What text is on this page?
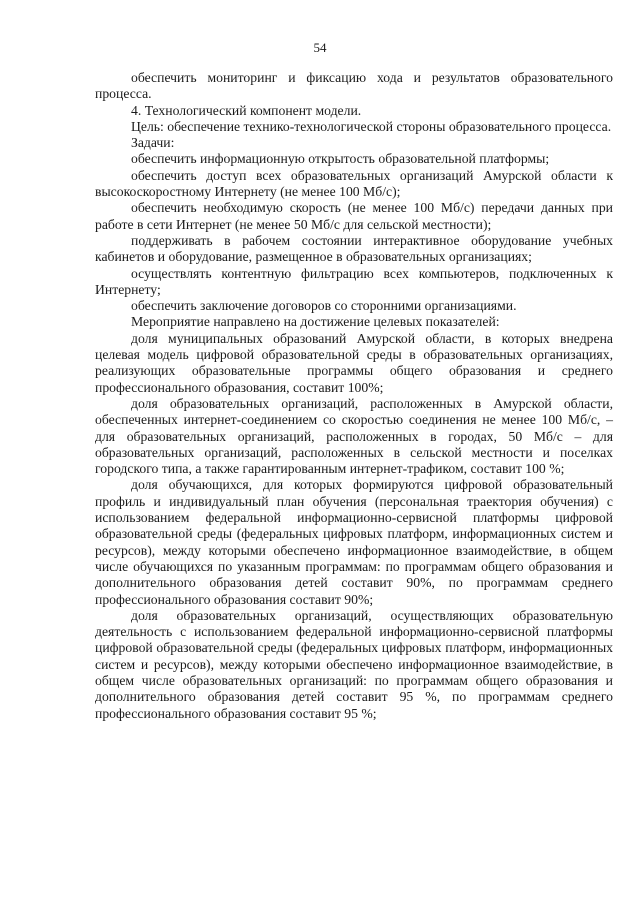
54

обеспечить мониторинг и фиксацию хода и результатов образовательного процесса.

4. Технологический компонент модели.

Цель: обеспечение технико-технологической стороны образовательного процесса.

Задачи:

обеспечить информационную открытость образовательной платформы;

обеспечить доступ всех образовательных организаций Амурской области к высокоскоростному Интернету (не менее 100 Мб/с);

обеспечить необходимую скорость (не менее 100 Мб/с) передачи данных при работе в сети Интернет (не менее 50 Мб/с для сельской местности);

поддерживать в рабочем состоянии интерактивное оборудование учебных кабинетов и оборудование, размещенное в образовательных организациях;

осуществлять контентную фильтрацию всех компьютеров, подключенных к Интернету;

обеспечить заключение договоров со сторонними организациями.

Мероприятие направлено на достижение целевых показателей:

доля муниципальных образований Амурской области, в которых внедрена целевая модель цифровой образовательной среды в образовательных организациях, реализующих образовательные программы общего образования и среднего профессионального образования, составит 100%;

доля образовательных организаций, расположенных в Амурской области, обеспеченных интернет-соединением со скоростью соединения не менее 100 Мб/с, – для образовательных организаций, расположенных в городах, 50 Мб/с – для образовательных организаций, расположенных в сельской местности и поселках городского типа, а также гарантированным интернет-трафиком, составит 100 %;

доля обучающихся, для которых формируются цифровой образовательный профиль и индивидуальный план обучения (персональная траектория обучения) с использованием федеральной информационно-сервисной платформы цифровой образовательной среды (федеральных цифровых платформ, информационных систем и ресурсов), между которыми обеспечено информационное взаимодействие, в общем числе обучающихся по указанным программам: по программам общего образования и дополнительного образования детей составит 90%, по программам среднего профессионального образования составит 90%;

доля образовательных организаций, осуществляющих образовательную деятельность с использованием федеральной информационно-сервисной платформы цифровой образовательной среды (федеральных цифровых платформ, информационных систем и ресурсов), между которыми обеспечено информационное взаимодействие, в общем числе образовательных организаций: по программам общего образования и дополнительного образования детей составит 95 %, по программам среднего профессионального образования составит 95 %;
